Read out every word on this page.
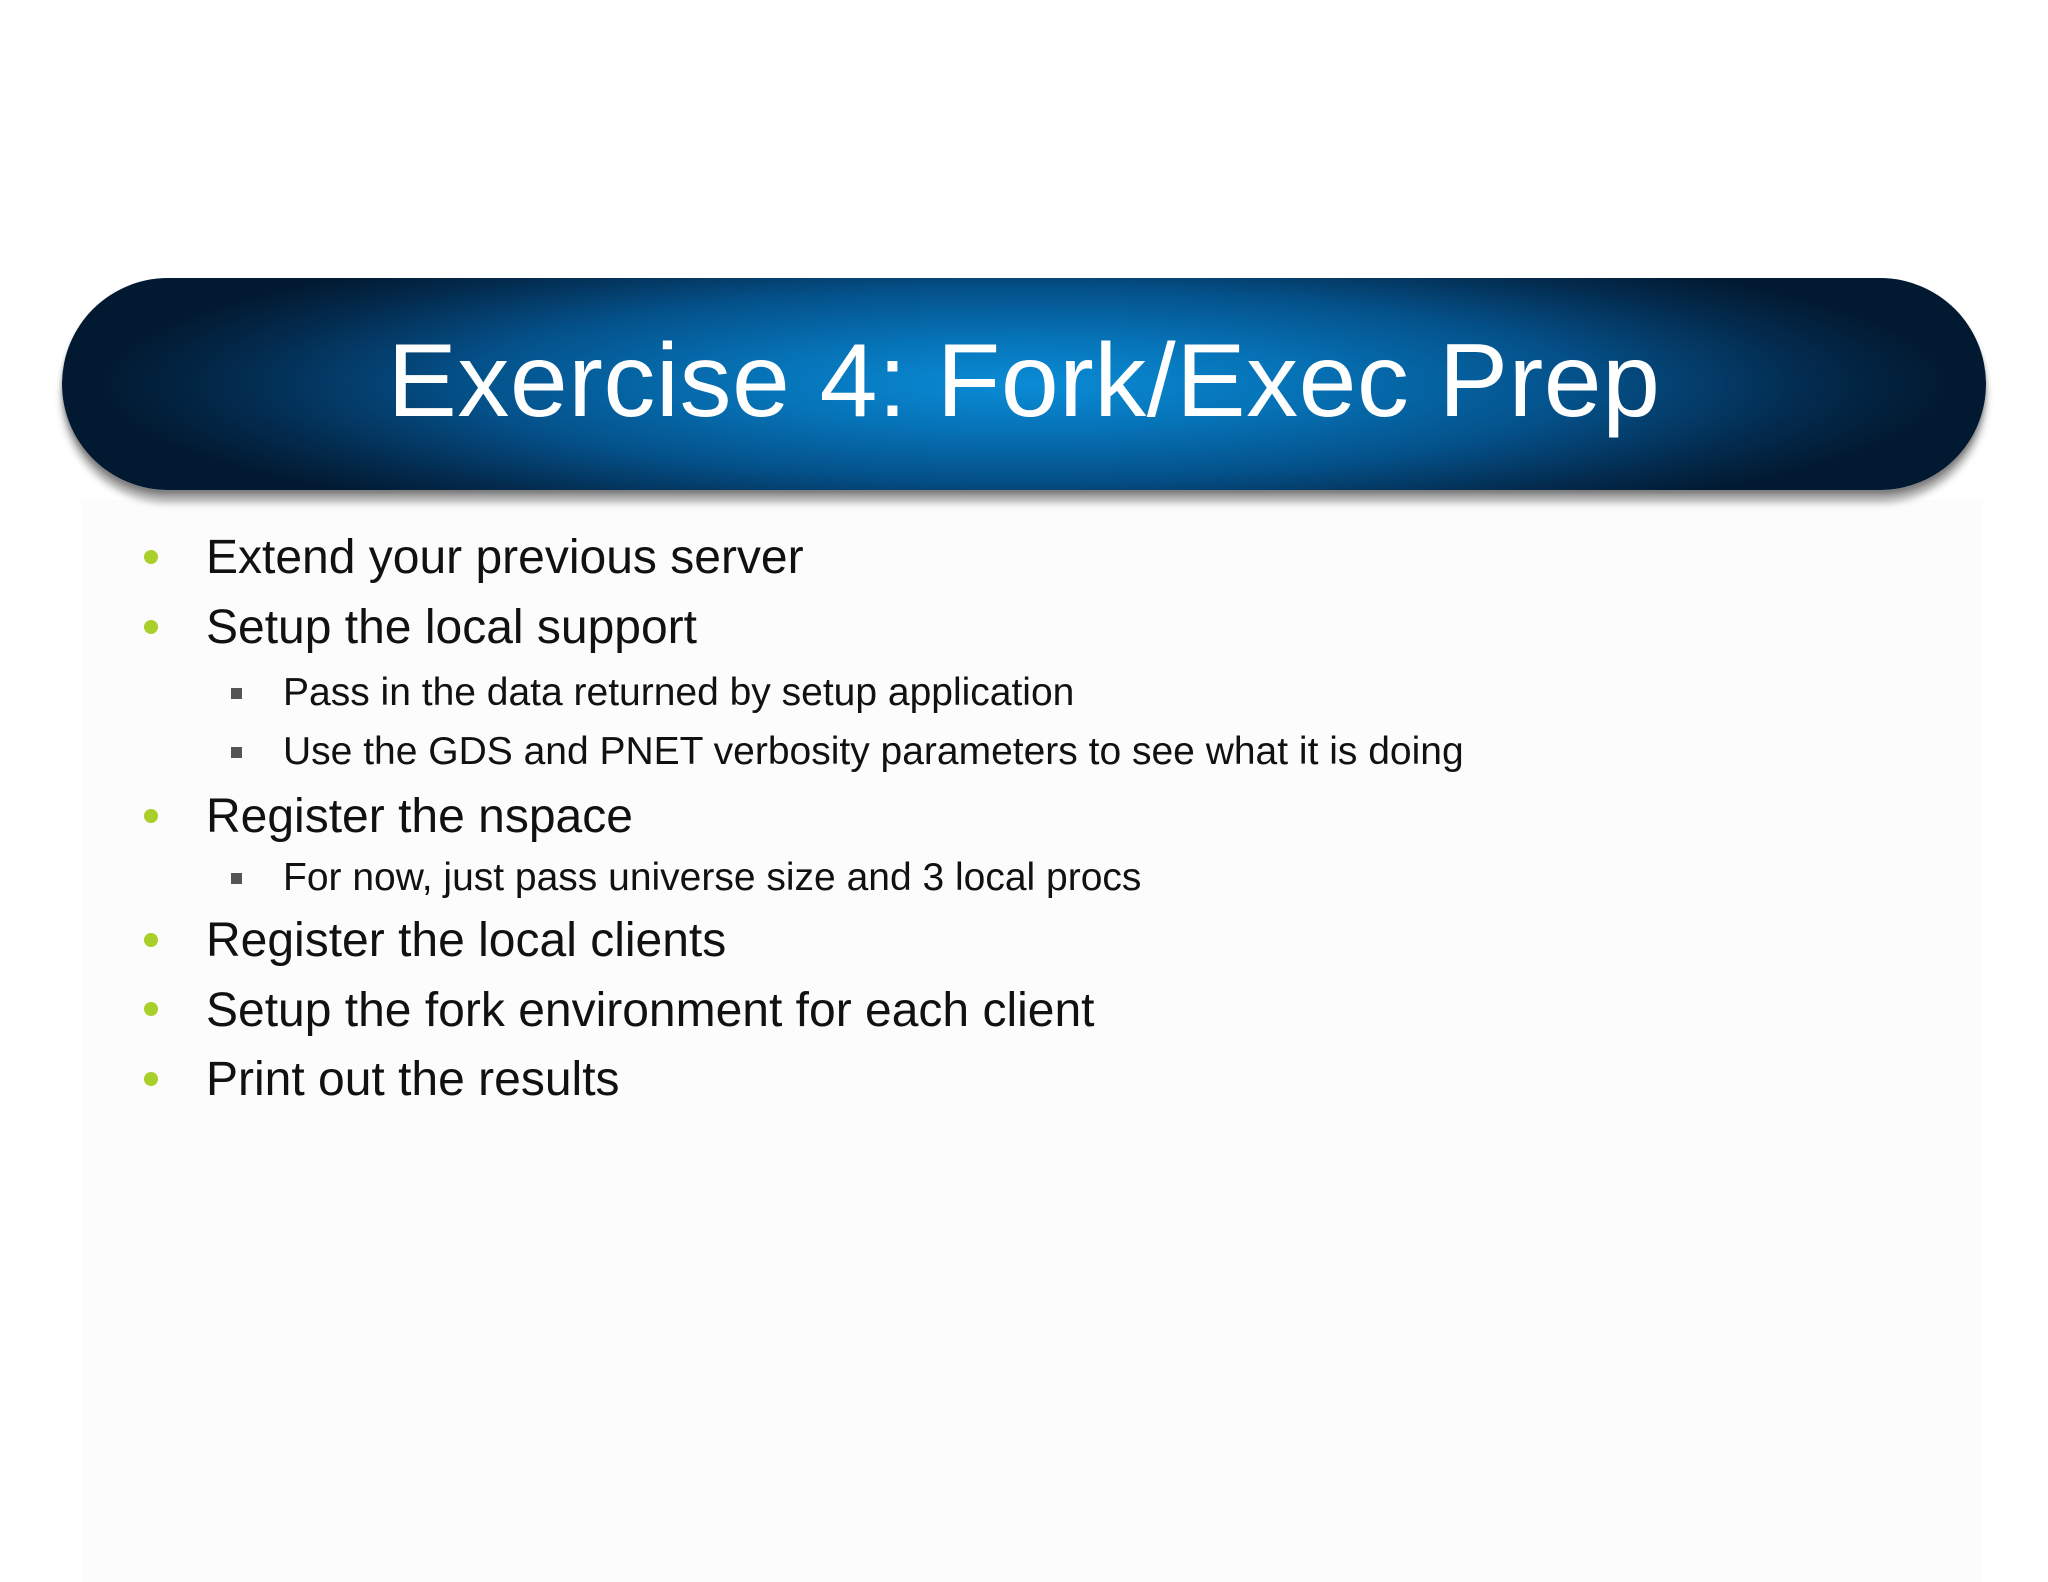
Exercise 4: Fork/Exec Prep
Extend your previous server
Setup the local support
Pass in the data returned by setup application
Use the GDS and PNET verbosity parameters to see what it is doing
Register the nspace
For now, just pass universe size and 3 local procs
Register the local clients
Setup the fork environment for each client
Print out the results
